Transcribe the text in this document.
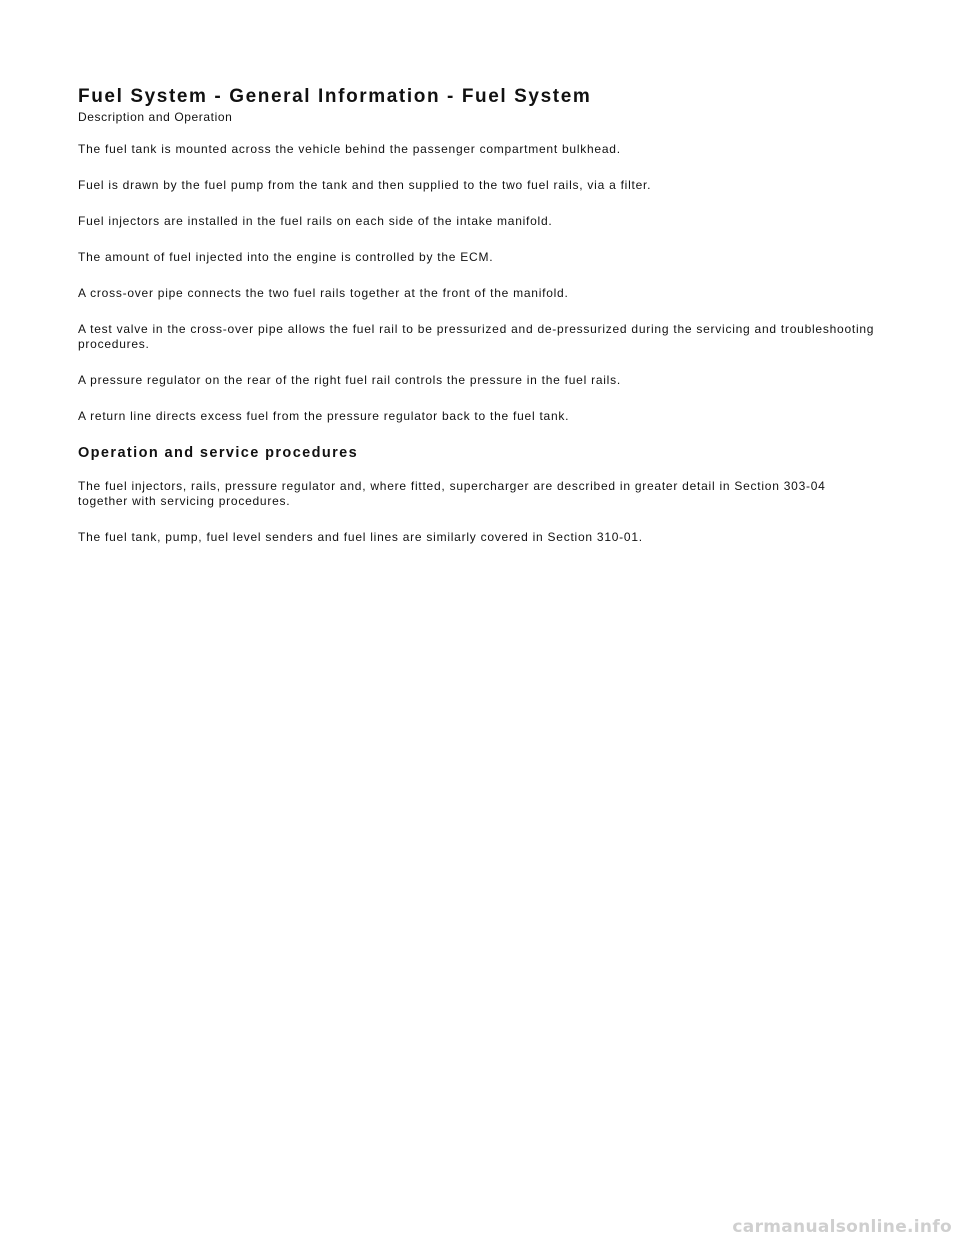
Fuel System - General Information - Fuel System
Description and Operation

The fuel tank is mounted across the vehicle behind the passenger compartment bulkhead.

Fuel is drawn by the fuel pump from the tank and then supplied to the two fuel rails, via a filter.

Fuel injectors are installed in the fuel rails on each side of the intake manifold.

The amount of fuel injected into the engine is controlled by the ECM.

A cross-over pipe connects the two fuel rails together at the front of the manifold.

A test valve in the cross-over pipe allows the fuel rail to be pressurized and de-pressurized during the servicing and troubleshooting procedures.

A pressure regulator on the rear of the right fuel rail controls the pressure in the fuel rails.

A return line directs excess fuel from the pressure regulator back to the fuel tank.

Operation and service procedures

The fuel injectors, rails, pressure regulator and, where fitted, supercharger are described in greater detail in Section 303-04 together with servicing procedures.

The fuel tank, pump, fuel level senders and fuel lines are similarly covered in Section 310-01.

carmanualsonline.info
